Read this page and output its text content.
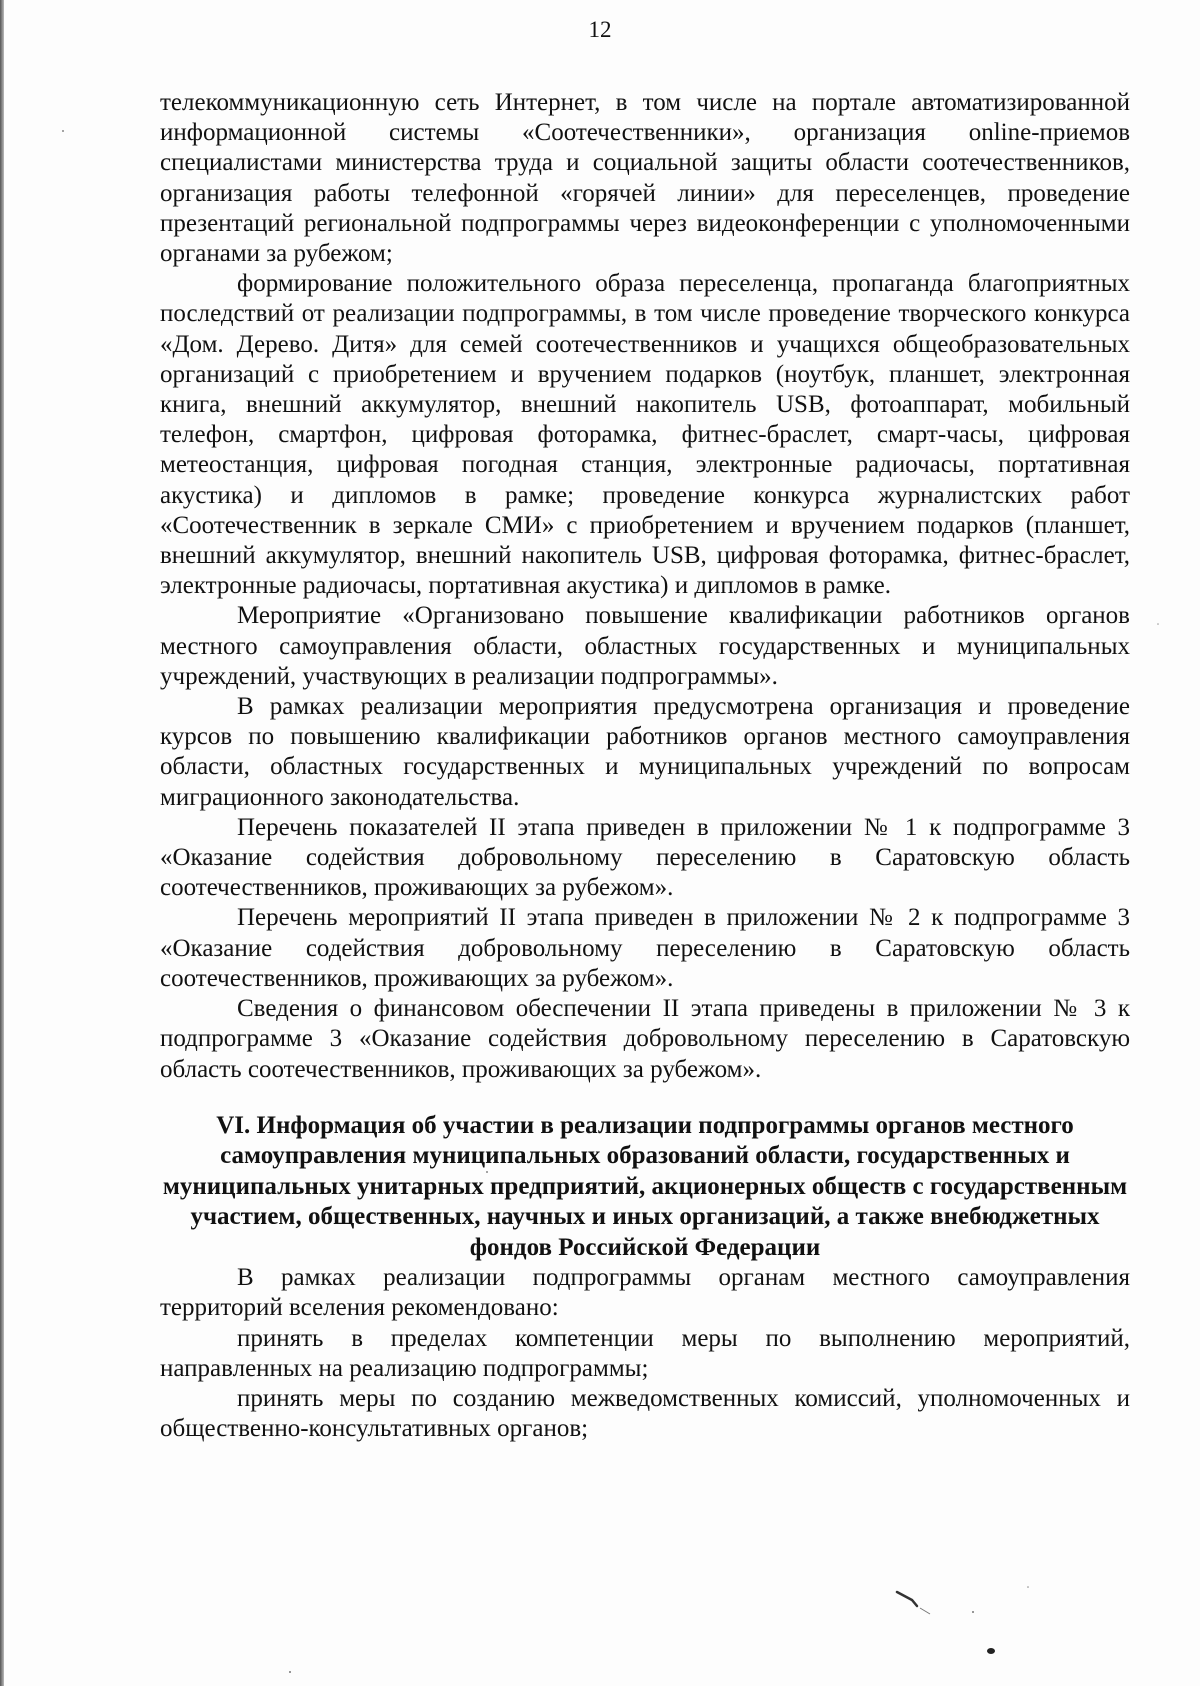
12

телекоммуникационную сеть Интернет, в том числе на портале автоматизированной информационной системы «Соотечественники», организация online-приемов специалистами министерства труда и социальной защиты области соотечественников, организация работы телефонной «горячей линии» для переселенцев, проведение презентаций региональной подпрограммы через видеоконференции с уполномоченными органами за рубежом;

формирование положительного образа переселенца, пропаганда благоприятных последствий от реализации подпрограммы, в том числе проведение творческого конкурса «Дом. Дерево. Дитя» для семей соотечественников и учащихся общеобразовательных организаций с приобретением и вручением подарков (ноутбук, планшет, электронная книга, внешний аккумулятор, внешний накопитель USB, фотоаппарат, мобильный телефон, смартфон, цифровая фоторамка, фитнес-браслет, смарт-часы, цифровая метеостанция, цифровая погодная станция, электронные радиочасы, портативная акустика) и дипломов в рамке; проведение конкурса журналистских работ «Соотечественник в зеркале СМИ» с приобретением и вручением подарков (планшет, внешний аккумулятор, внешний накопитель USB, цифровая фоторамка, фитнес-браслет, электронные радиочасы, портативная акустика) и дипломов в рамке.

Мероприятие «Организовано повышение квалификации работников органов местного самоуправления области, областных государственных и муниципальных учреждений, участвующих в реализации подпрограммы».

В рамках реализации мероприятия предусмотрена организация и проведение курсов по повышению квалификации работников органов местного самоуправления области, областных государственных и муниципальных учреждений по вопросам миграционного законодательства.

Перечень показателей II этапа приведен в приложении № 1 к подпрограмме 3 «Оказание содействия добровольному переселению в Саратовскую область соотечественников, проживающих за рубежом».

Перечень мероприятий II этапа приведен в приложении № 2 к подпрограмме 3 «Оказание содействия добровольному переселению в Саратовскую область соотечественников, проживающих за рубежом».

Сведения о финансовом обеспечении II этапа приведены в приложении № 3 к подпрограмме 3 «Оказание содействия добровольному переселению в Саратовскую область соотечественников, проживающих за рубежом».

VI. Информация об участии в реализации подпрограммы органов местного самоуправления муниципальных образований области, государственных и муниципальных унитарных предприятий, акционерных обществ с государственным участием, общественных, научных и иных организаций, а также внебюджетных фондов Российской Федерации

В рамках реализации подпрограммы органам местного самоуправления территорий вселения рекомендовано:

принять в пределах компетенции меры по выполнению мероприятий, направленных на реализацию подпрограммы;

принять меры по созданию межведомственных комиссий, уполномоченных и общественно-консультативных органов;
